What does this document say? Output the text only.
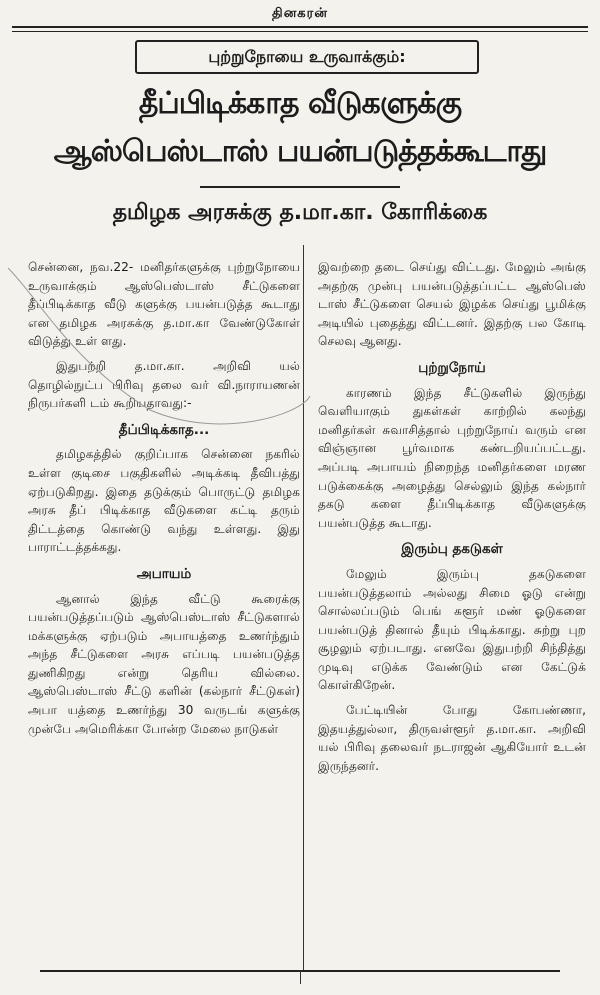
தினகரன்
புற்றுநோயை உருவாக்கும்:
தீப்பிடிக்காத வீடுகளுக்கு
ஆஸ்பெஸ்டாஸ் பயன்படுத்தக்கூடாது
தமிழக அரசுக்கு த.மா.கா. கோரிக்கை

சென்னை, நவ.22- மனிதர்களுக்கு புற்றுநோயை உருவாக்கும் ஆஸ்பெஸ்டாஸ் சீட்டுகளை தீப்பிடிக்காத வீடு களுக்கு பயன்படுத்த கூடாது என தமிழக அரசுக்கு த.மா.கா வேண்டுகோள் விடுத்து உள் ளது.

இதுபற்றி த.மா.கா. அறிவி யல் தொழில்நுட்ப பிரிவு தலை வர் வி.நாராயணன் நிருபர்களி டம் கூறியதாவது:-

தீப்பிடிக்காத...

தமிழகத்தில் குறிப்பாக சென்னை நகரில் உள்ள குடிசை பகுதிகளில் அடிக்கடி தீவிபத்து ஏற்படுகிறது. இதை தடுக்கும் பொருட்டு தமிழக அரசு தீப் பிடிக்காத வீடுகளை கட்டி தரும் திட்டத்தை கொண்டு வந்து உள்ளது. இது பாராட்டத்தக்கது.

அபாயம்

ஆனால் இந்த வீட்டு கூரைக்கு பயன்படுத்தப்படும் ஆஸ்பெஸ்டாஸ் சீட்டுகளால் மக்களுக்கு ஏற்படும் அபாயத்தை உணர்ந்தும் அந்த சீட்டுகளை அரசு எப்படி பயன்படுத்த துணிகிறது என்று தெரிய வில்லை. ஆஸ்பெஸ்டாஸ் சீட்டு களின் (கல்நார் சீட்டுகள்) அபா யத்தை உணர்ந்து 30 வருடங் களுக்கு முன்பே அமெரிக்கா போன்ற மேலை நாடுகள்

இவற்றை தடை செய்து விட்டது. மேலும் அங்கு அதற்கு முன்பு பயன்படுத்தப்பட்ட ஆஸ்பெஸ் டாஸ் சீட்டுகளை செயல் இழக்க செய்து பூமிக்கு அடியில் புதைத்து விட்டனர். இதற்கு பல கோடி செலவு ஆனது.

புற்றுநோய்

காரணம் இந்த சீட்டுகளில் இருந்து வெளியாகும் துகள்கள் காற்றில் கலந்து மனிதர்கள் சுவாசித்தால் புற்றுநோய் வரும் என விஞ்ஞான பூர்வமாக கண்டறியப்பட்டது. அப்படி அபாயம் நிறைந்த மனிதர்களை மரண படுக்கைக்கு அழைத்து செல்லும் இந்த கல்நார் தகடு களை தீப்பிடிக்காத வீடுகளுக்கு பயன்படுத்த கூடாது.

இரும்பு தகடுகள்

மேலும் இரும்பு தகடுகளை பயன்படுத்தலாம் அல்லது சிமை ஓடு என்று சொல்லப்படும் பெங் களூர் மண் ஓடுகளை பயன்படுத் தினால் தீயும் பிடிக்காது. சுற்று புற சூழலும் ஏற்படாது. எனவே இதுபற்றி சிந்தித்து முடிவு எடுக்க வேண்டும் என கேட்டுக் கொள்கிறேன்.

பேட்டியின் போது கோபண்ணா, இதயத்துல்லா, திருவள்ளூர் த.மா.கா. அறிவி யல் பிரிவு தலைவர் நடராஜன் ஆகியோர் உடன் இருந்தனர்.
